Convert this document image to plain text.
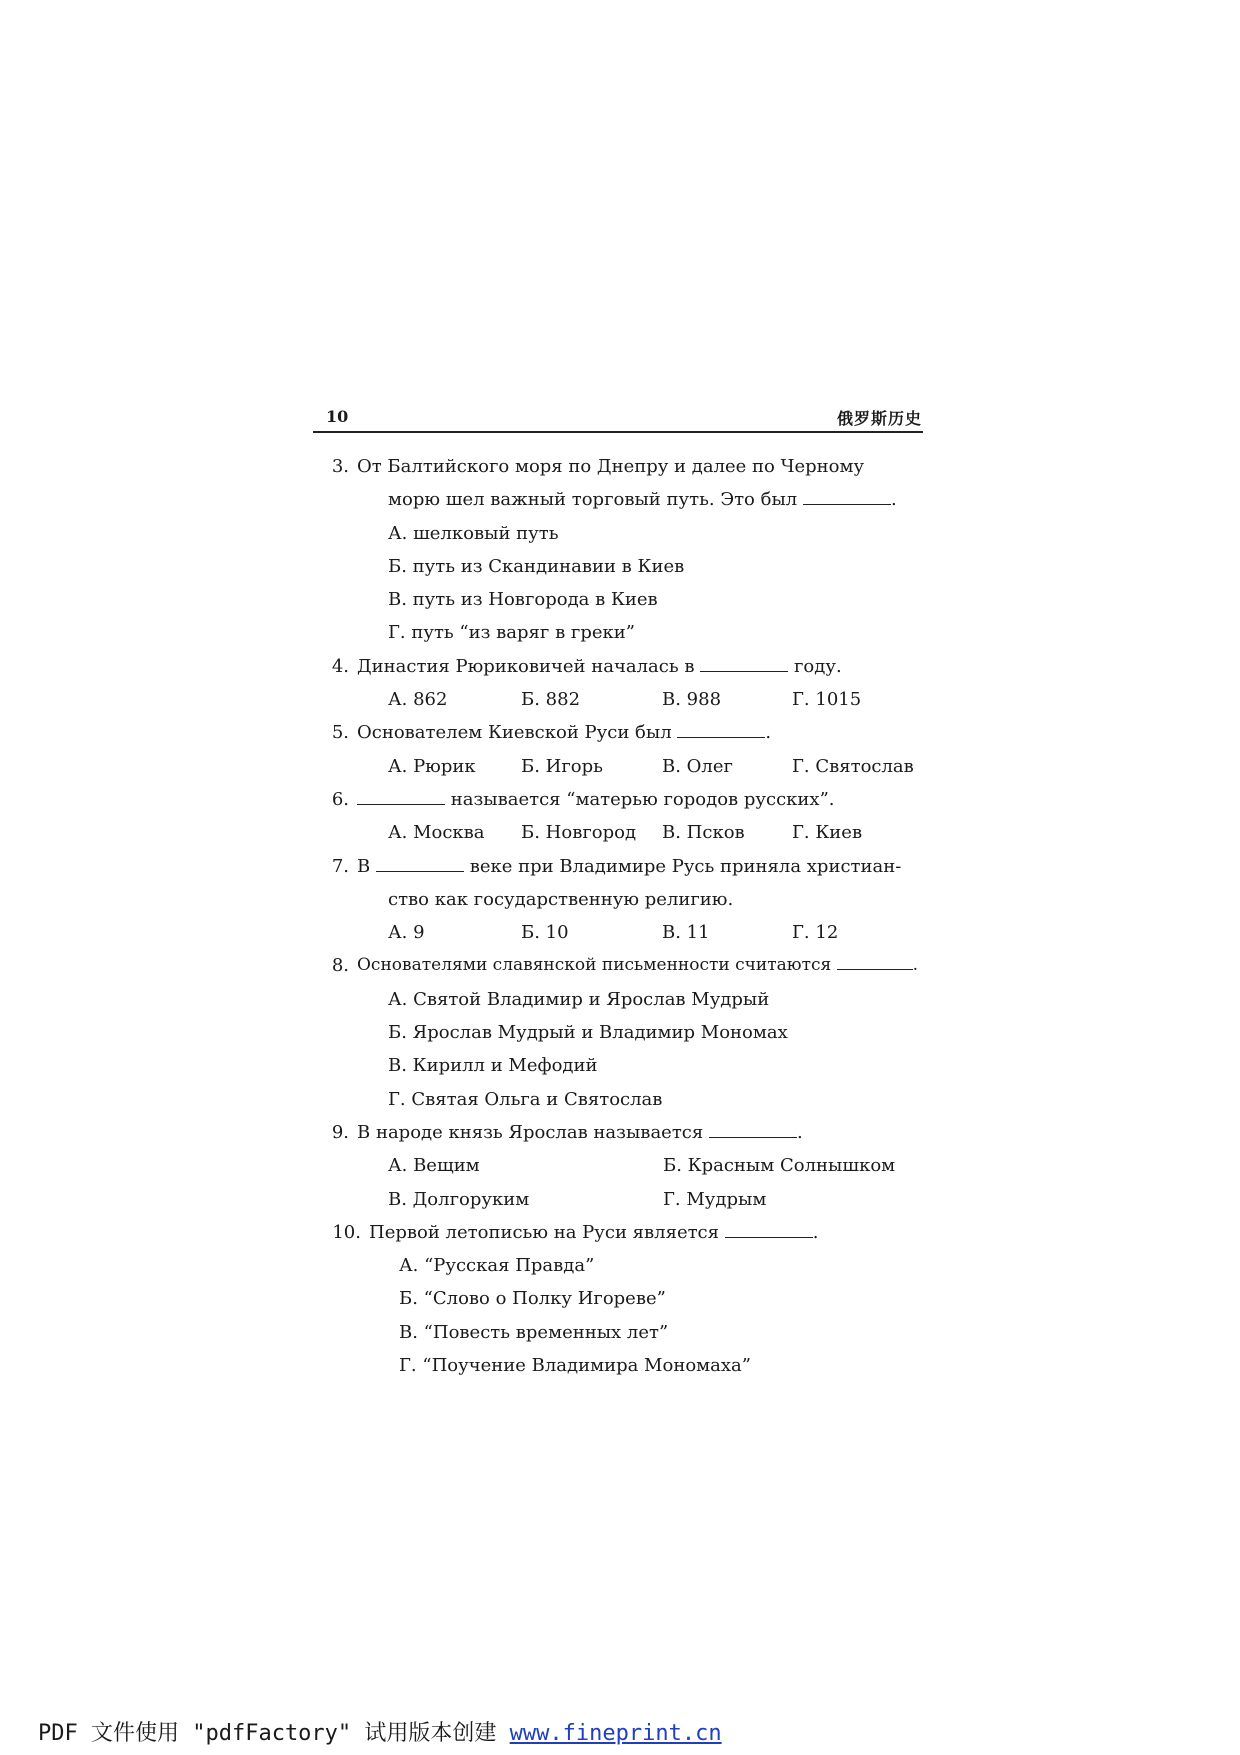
10	俄罗斯历史
3. От Балтийского моря по Днепру и далее по Черному
морю шел важный торговый путь. Это был	.
А. шелковый путь
Б. путь из Скандинавии в Киев
В. путь из Новгорода в Киев
Г. путь “из варяг в греки”
4. Династия Рюриковичей началась в	году.
А. 862	Б. 882	В. 988	Г. 1015
5. Основателем Киевской Руси был	.
А. Рюрик	Б. Игорь	В. Олег	Г. Святослав
6.	называется “матерью городов русских”.
А. Москва	Б. Новгород	В. Псков	Г. Киев
7. В	веке при Владимире Русь приняла христиан-
ство как государственную религию.
А. 9	Б. 10	В. 11	Г. 12
8. Основателями славянской письменности считаются	.
А. Святой Владимир и Ярослав Мудрый
Б. Ярослав Мудрый и Владимир Мономах
В. Кирилл и Мефодий
Г. Святая Ольга и Святослав
9. В народе князь Ярослав называется	.
А. Вещим	Б. Красным Солнышком
В. Долгоруким	Г. Мудрым
10. Первой летописью на Руси является	.
А. “Русская Правда”
Б. “Слово о Полку Игореве”
В. “Повесть временных лет”
Г. “Поучение Владимира Мономаха”
PDF 文件使用 "pdfFactory" 试用版本创建 www.fineprint.cn
